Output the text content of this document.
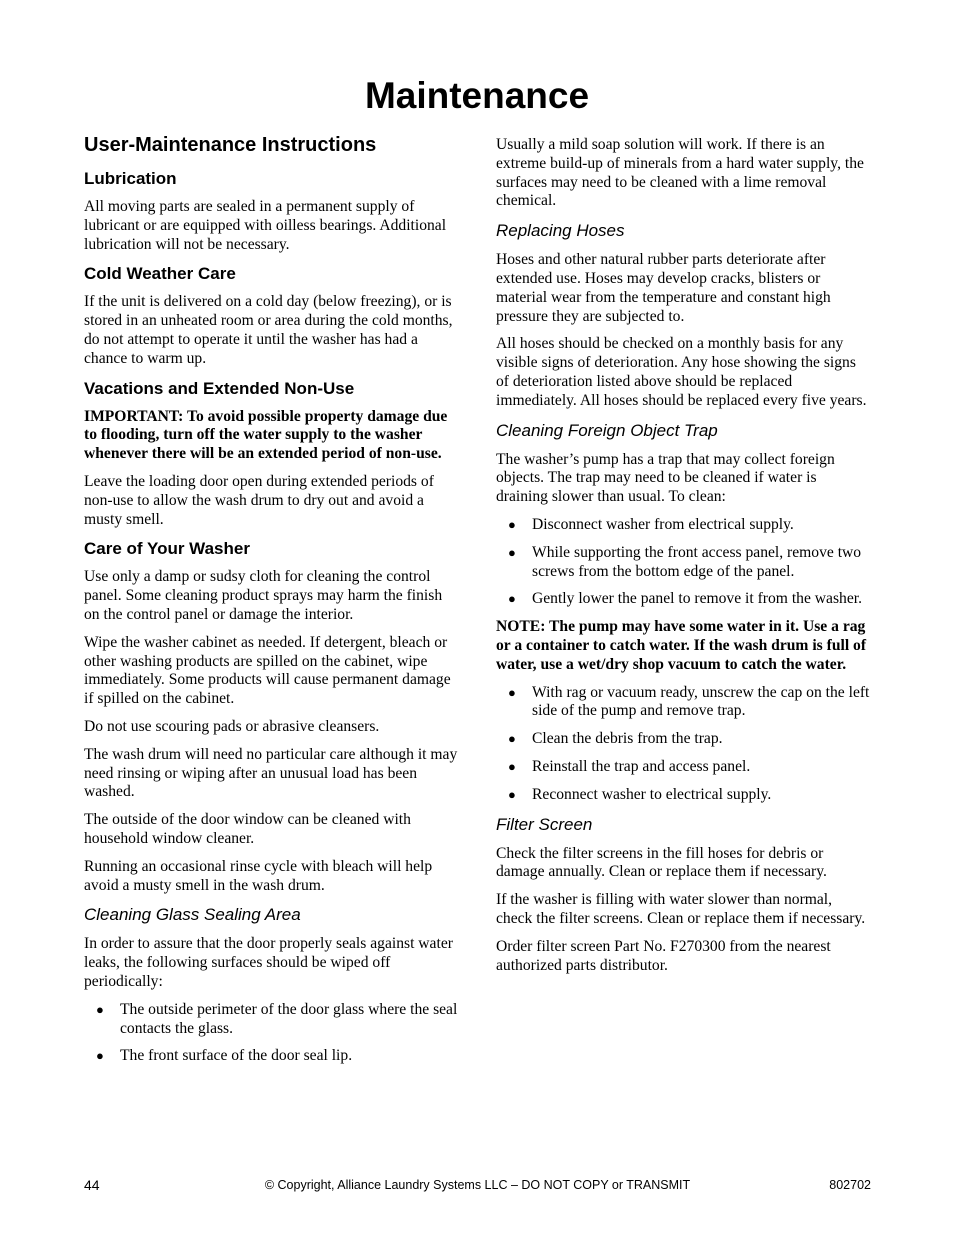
Maintenance
User-Maintenance Instructions
Lubrication

All moving parts are sealed in a permanent supply of lubricant or are equipped with oilless bearings. Additional lubrication will not be necessary.

Cold Weather Care

If the unit is delivered on a cold day (below freezing), or is stored in an unheated room or area during the cold months, do not attempt to operate it until the washer has had a chance to warm up.

Vacations and Extended Non-Use

IMPORTANT: To avoid possible property damage due to flooding, turn off the water supply to the washer whenever there will be an extended period of non-use.

Leave the loading door open during extended periods of non-use to allow the wash drum to dry out and avoid a musty smell.

Care of Your Washer

Use only a damp or sudsy cloth for cleaning the control panel. Some cleaning product sprays may harm the finish on the control panel or damage the interior.

Wipe the washer cabinet as needed. If detergent, bleach or other washing products are spilled on the cabinet, wipe immediately. Some products will cause permanent damage if spilled on the cabinet.

Do not use scouring pads or abrasive cleansers.

The wash drum will need no particular care although it may need rinsing or wiping after an unusual load has been washed.

The outside of the door window can be cleaned with household window cleaner.

Running an occasional rinse cycle with bleach will help avoid a musty smell in the wash drum.

Cleaning Glass Sealing Area

In order to assure that the door properly seals against water leaks, the following surfaces should be wiped off periodically:

● The outside perimeter of the door glass where the seal contacts the glass.
● The front surface of the door seal lip.

Usually a mild soap solution will work. If there is an extreme build-up of minerals from a hard water supply, the surfaces may need to be cleaned with a lime removal chemical.

Replacing Hoses

Hoses and other natural rubber parts deteriorate after extended use. Hoses may develop cracks, blisters or material wear from the temperature and constant high pressure they are subjected to.

All hoses should be checked on a monthly basis for any visible signs of deterioration. Any hose showing the signs of deterioration listed above should be replaced immediately. All hoses should be replaced every five years.

Cleaning Foreign Object Trap

The washer’s pump has a trap that may collect foreign objects. The trap may need to be cleaned if water is draining slower than usual. To clean:

● Disconnect washer from electrical supply.
● While supporting the front access panel, remove two screws from the bottom edge of the panel.
● Gently lower the panel to remove it from the washer.

NOTE: The pump may have some water in it. Use a rag or a container to catch water. If the wash drum is full of water, use a wet/dry shop vacuum to catch the water.

● With rag or vacuum ready, unscrew the cap on the left side of the pump and remove trap.
● Clean the debris from the trap.
● Reinstall the trap and access panel.
● Reconnect washer to electrical supply.
Filter Screen

Check the filter screens in the fill hoses for debris or damage annually. Clean or replace them if necessary.

If the washer is filling with water slower than normal, check the filter screens. Clean or replace them if necessary.

Order filter screen Part No. F270300 from the nearest authorized parts distributor.

44	© Copyright, Alliance Laundry Systems LLC – DO NOT COPY or TRANSMIT	802702
